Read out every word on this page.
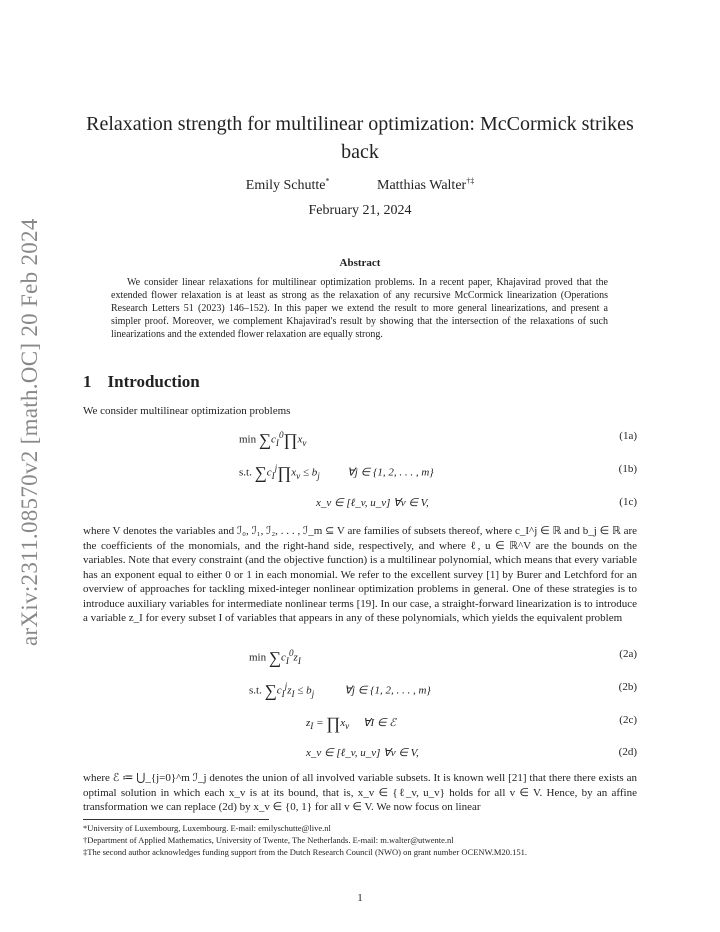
arXiv:2311.08570v2 [math.OC] 20 Feb 2024
Relaxation strength for multilinear optimization: McCormick strikes back
Emily Schutte*	Matthias Walter†‡
February 21, 2024
Abstract
We consider linear relaxations for multilinear optimization problems. In a recent paper, Khajavirad proved that the extended flower relaxation is at least as strong as the relaxation of any recursive McCormick linearization (Operations Research Letters 51 (2023) 146–152). In this paper we extend the result to more general linearizations, and present a simpler proof. Moreover, we complement Khajavirad's result by showing that the intersection of the relaxations of such linearizations and the extended flower relaxation are equally strong.
1 Introduction
We consider multilinear optimization problems
$\min \sum c_I^0\prod x_v$
(1a)
s.t. $\sum c_I^j\prod x_v \le b_j$	∀j ∈ {1, 2, . . . , m}	(1b)
x_v ∈ [ℓ_v, u_v] ∀v ∈ V,	(1c)
where V denotes the variables and ℐ₀, ℐ₁, ℐ₂, . . . , ℐ_m ⊆ V are families of subsets thereof, where c_I^j ∈ ℝ and b_j ∈ ℝ are the coefficients of the monomials, and the right-hand side, respectively, and where ℓ, u ∈ ℝ^V are the bounds on the variables. Note that every constraint (and the objective function) is a multilinear polynomial, which means that every variable has an exponent equal to either 0 or 1 in each monomial. We refer to the excellent survey [1] by Burer and Letchford for an overview of approaches for tackling mixed-integer nonlinear optimization problems in general. One of these strategies is to introduce auxiliary variables for intermediate nonlinear terms [19]. In our case, a straight-forward linearization is to introduce a variable z_I for every subset I of variables that appears in any of these polynomials, which yields the equivalent problem
$\min \sum c_I^0z_I$
(2a)
s.t. $\sum c_I^jz_I \le b_j$	∀j ∈ {1, 2, . . . , m}	(2b)
$z_I$ = $\prod x_v$ ∀I ∈ ℰ	(2c)
x_v ∈ [ℓ_v, u_v] ∀v ∈ V,	(2d)
where ℰ ≔ ⋃_{j=0}^m ℐ_j denotes the union of all involved variable subsets. It is known well [21] that there there exists an optimal solution in which each x_v is at its bound, that is, x_v ∈ {ℓ_v, u_v} holds for all v ∈ V. Hence, by an affine transformation we can replace (2d) by x_v ∈ {0, 1} for all v ∈ V. We now focus on linear
*University of Luxembourg, Luxembourg. E-mail: emilyschutte@live.nl
†Department of Applied Mathematics, University of Twente, The Netherlands. E-mail: m.walter@utwente.nl
‡The second author acknowledges funding support from the Dutch Research Council (NWO) on grant number OCENW.M20.151.
1
